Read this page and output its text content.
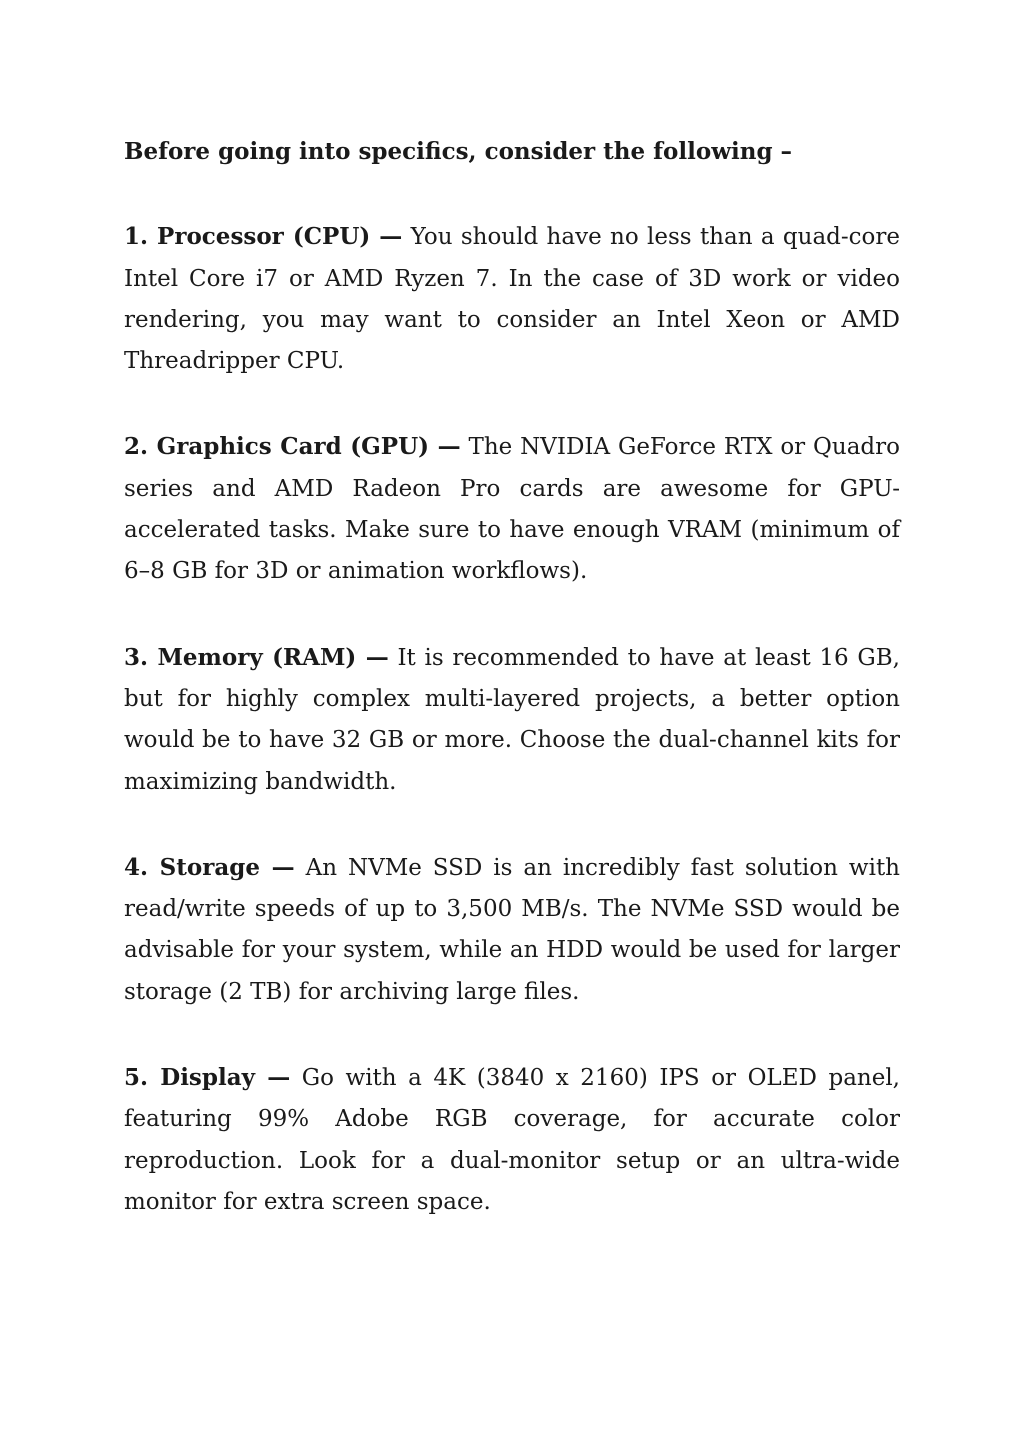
Before going into specifics, consider the following –

1. Processor (CPU) — You should have no less than a quad-core Intel Core i7 or AMD Ryzen 7. In the case of 3D work or video rendering, you may want to consider an Intel Xeon or AMD Threadripper CPU.

2. Graphics Card (GPU) — The NVIDIA GeForce RTX or Quadro series and AMD Radeon Pro cards are awesome for GPU-accelerated tasks. Make sure to have enough VRAM (minimum of 6–8 GB for 3D or animation workflows).

3. Memory (RAM) — It is recommended to have at least 16 GB, but for highly complex multi-layered projects, a better option would be to have 32 GB or more. Choose the dual-channel kits for maximizing bandwidth.

4. Storage — An NVMe SSD is an incredibly fast solution with read/write speeds of up to 3,500 MB/s. The NVMe SSD would be advisable for your system, while an HDD would be used for larger storage (2 TB) for archiving large files.

5. Display — Go with a 4K (3840 x 2160) IPS or OLED panel, featuring 99% Adobe RGB coverage, for accurate color reproduction. Look for a dual-monitor setup or an ultra-wide monitor for extra screen space.
